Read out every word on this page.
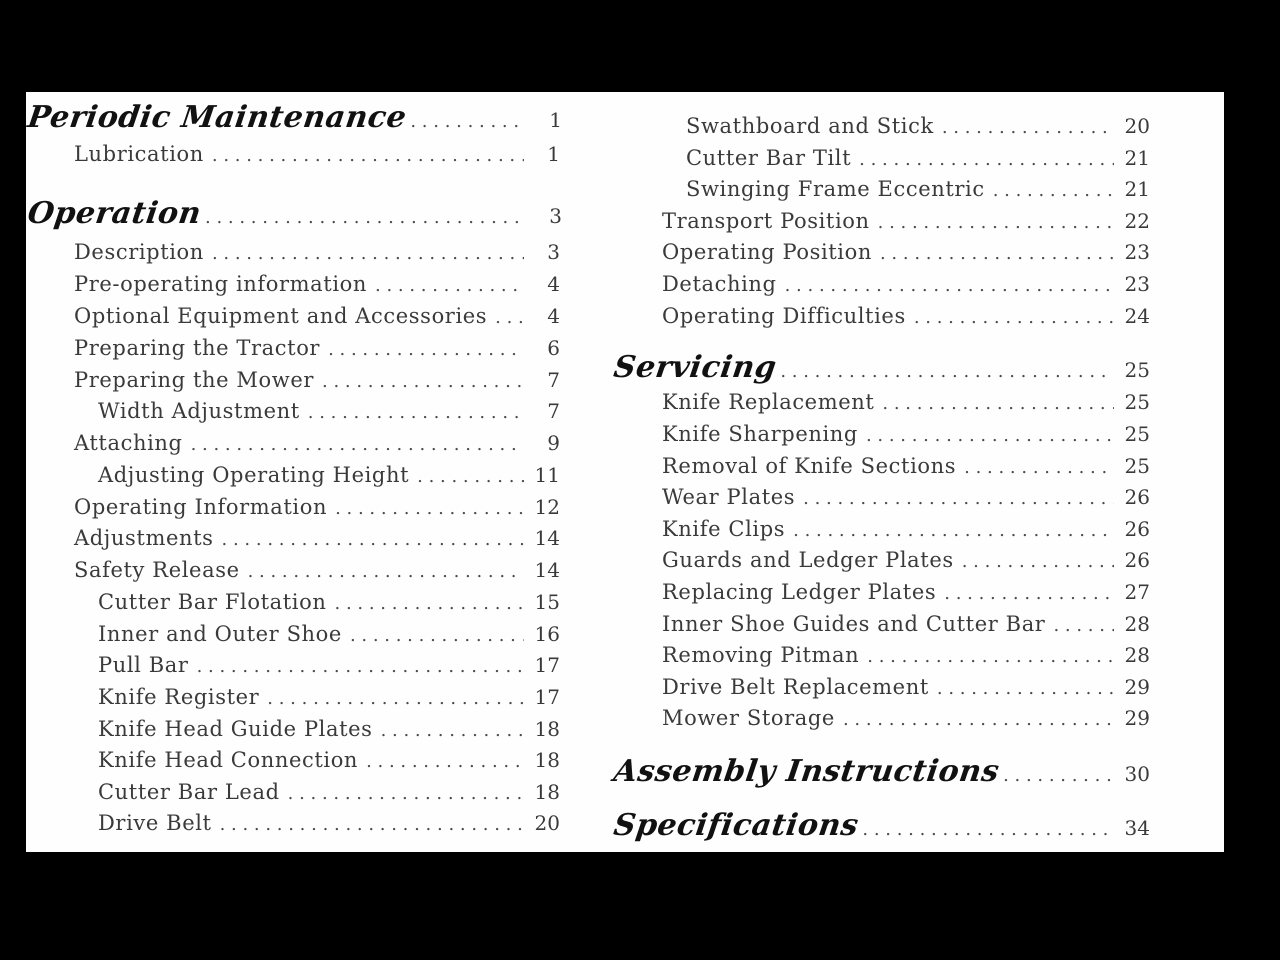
Periodic Maintenance . . .	1
Lubrication . . .	1
Operation . . .	3
Description . . .	3
Pre-operating information . . .	4
Optional Equipment and Accessories . . .	4
Preparing the Tractor . . .	6
Preparing the Mower . . .	7
Width Adjustment . . .	7
Attaching . . .	9
Adjusting Operating Height . . .	11
Operating Information . . .	12
Adjustments . . .	14
Safety Release . . .	14
Cutter Bar Flotation . . .	15
Inner and Outer Shoe . . .	16
Pull Bar . . .	17
Knife Register . . .	17
Knife Head Guide Plates . . .	18
Knife Head Connection . . .	18
Cutter Bar Lead . . .	18
Drive Belt . . .	20
Swathboard and Stick . . .	20
Cutter Bar Tilt . . .	21
Swinging Frame Eccentric . . .	21
Transport Position . . .	22
Operating Position . . .	23
Detaching . . .	23
Operating Difficulties . . .	24
Servicing . . .	25
Knife Replacement . . .	25
Knife Sharpening . . .	25
Removal of Knife Sections . . .	25
Wear Plates . . .	26
Knife Clips . . .	26
Guards and Ledger Plates . . .	26
Replacing Ledger Plates . . .	27
Inner Shoe Guides and Cutter Bar . . .	28
Removing Pitman . . .	28
Drive Belt Replacement . . .	29
Mower Storage . . .	29
Assembly Instructions . . .	30
Specifications . . .	34
